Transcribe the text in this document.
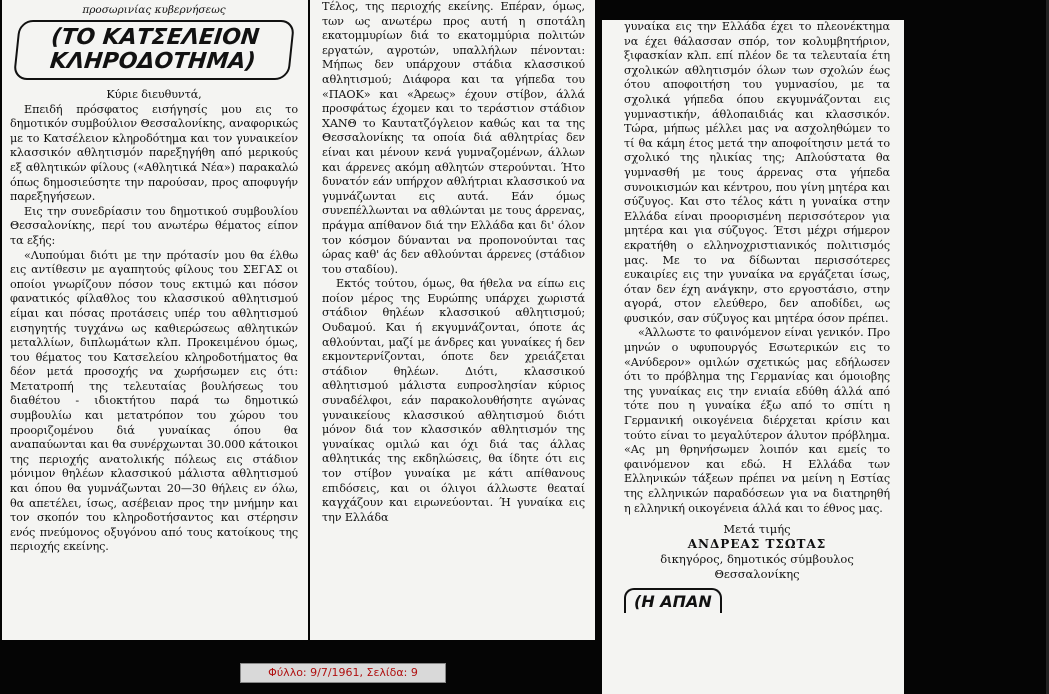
προσωρινίας κυβερνήσεως
(ΤΟ ΚΑΤΣΕΛΕΙΟΝ ΚΛΗΡΟΔΟΤΗΜΑ)

Κύριε διευθυντά,

Επειδή πρόσφατος εισήγησίς μου εις το δημοτικόν συμβούλιον Θεσσαλονίκης, αναφορικώς με το Κατσέλειον κληροδότημα και τον γυναικείον κλασσικόν αθλητισμόν παρεξηγήθη από μερικούς εξ αθλητικών φίλους («Αθλητικά Νέα») παρακαλώ όπως δημοσιεύσητε την παρούσαν, προς αποφυγήν παρεξηγήσεων.

Εις την συνεδρίασιν του δημοτικού συμβουλίου Θεσσαλονίκης, περί του ανωτέρω θέματος είπον τα εξής:

«Λυπούμαι διότι με την πρότασίν μου θα έλθω εις αντίθεσιν με αγαπητούς φίλους του ΣΕΓΑΣ οι οποίοι γνωρίζουν πόσον τους εκτιμώ και πόσον φανατικός φίλαθλος του κλασσικού αθλητισμού είμαι και πόσας προτάσεις υπέρ του αθλητισμού εισηγητής τυγχάνω ως καθιερώσεως αθλητικών μεταλλίων, διπλωμάτων κλπ. Προκειμένου όμως, του θέματος του Κατσελείου κληροδοτήματος θα δέον μετά προσοχής να χωρήσωμεν εις ότι: Μετατροπή της τελευταίας βουλήσεως του διαθέτου - ιδιοκτήτου παρά τω δημοτικώ συμβουλίω και μετατρόπον του χώρου του προοριζομένου διά γυναίκας όπου θα αναπαύωνται και θα συνέρχωνται 30.000 κάτοικοι της περιοχής ανατολικής πόλεως εις στάδιον μόνιμον θηλέων κλασσικού μάλιστα αθλητισμού και όπου θα γυμνάζωνται 20—30 θήλεις εν όλω, θα απετέλει, ίσως, ασέβειαν προς την μνήμην και τον σκοπόν του κληροδοτήσαντος και στέρησιν ενός πνεύμονος οξυγόνου από τους κατοίκους της περιοχής εκείνης.

Τέλος, της περιοχής εκείνης. Επέραν, όμως, των ως ανωτέρω προς αυτή η σποτάλη εκατομμυρίων διά το εκατομμύρια πολιτών εργατών, αγροτών, υπαλλήλων πένονται: Μήπως δεν υπάρχουν στάδια κλασσικού αθλητισμού; Διάφορα και τα γήπεδα του «ΠΑΟΚ» και «Άρεως» έχουν στίβον, άλλά προσφάτως έχομεν και το τεράστιον στάδιον ΧΑΝΘ το Καυτατζόγλειον καθώς και τα της Θεσσαλονίκης τα οποία διά αθλητρίας δεν είναι και μένουν κενά γυμναζομένων, άλλων και άρρενες ακόμη αθλητών στερούνται. Ήτο δυνατόν εάν υπήρχον αθλήτριαι κλασσικού να γυμνάζωνται εις αυτά. Εάν όμως συνεπέλλωνται να αθλώνται με τους άρρενας, πράγμα απίθανον διά την Ελλάδα και δι' όλον τον κόσμον δύνανται να προπονούνται τας ώρας καθ' άς δεν αθλούνται άρρενες (στάδιον του σταδίου).

Εκτός τούτου, όμως, θα ήθελα να είπω εις ποίον μέρος της Ευρώπης υπάρχει χωριστά στάδιον θηλέων κλασσικού αθλητισμού; Ουδαμού. Και ή εκγυμνάζονται, όποτε άς αθλούνται, μαζί με άνδρες και γυναίκες ή δεν εκμοντερνίζονται, όποτε δεν χρειάζεται στάδιον θηλέων. Διότι, κλασσικού αθλητισμού μάλιστα ευπροσλησίαν κύριος συναδέλφοι, εάν παρακολουθήσητε αγώνας γυναικείους κλασσικού αθλητισμού διότι μόνον διά τον κλασσικόν αθλητισμόν της γυναίκας ομιλώ και όχι διά τας άλλας αθλητικάς της εκδηλώσεις, θα ίδητε ότι εις τον στίβον γυναίκα με κάτι απίθανους επιδόσεις, και οι όλιγοι άλλωστε θεαταί καγχάζουν και ειρωνεύονται. Ή γυναίκα εις την Ελλάδα

γυναίκα εις την Ελλάδα έχει το πλεονέκτημα να έχει θάλασσαν σπόρ, τον κολυμβητήριον, ξιφασκίαν κλπ. επί πλέον δε τα τελευταία έτη σχολικών αθλητισμόν όλων των σχολών έως ότου αποφοιτήση του γυμνασίου, με τα σχολικά γήπεδα όπου εκγυμνάζονται εις γυμναστικήν, άθλοπαιδιάς και κλασσικόν. Τώρα, μήπως μέλλει μας να ασχοληθώμεν το τί θα κάμη έτος μετά την αποφοίτησιν μετά το σχολικό της ηλικίας της; Απλούστατα θα γυμνασθή με τους άρρενας στα γήπεδα συνοικισμών και κέντρου, που γίνη μητέρα και σύζυγος. Και στο τέλος κάτι η γυναίκα στην Ελλάδα είναι προορισμένη περισσότερον για μητέρα και για σύζυγος. Έτσι μέχρι σήμερον εκρατήθη ο ελληνοχριστιανικός πολιτισμός μας. Με το να δίδωνται περισσότερες ευκαιρίες εις την γυναίκα να εργάζεται ίσως, όταν δεν έχη ανάγκην, στο εργοστάσιο, στην αγορά, στον ελεύθερο, δεν αποδίδει, ως φυσικόν, σαν σύζυγος και μητέρα όσον πρέπει.

«Άλλωστε το φαινόμενον είναι γενικόν. Προ μηνών ο υφυπουργός Εσωτερικών εις το «Ανύδερον» ομιλών σχετικώς μας εδήλωσεν ότι το πρόβλημα της Γερμανίας και όμοιοβης της γυναίκας εις την ενιαία εδύθη άλλά από τότε που η γυναίκα έξω από το σπίτι η Γερμανική οικογένεια διέρχεται κρίσιν και τούτο είναι το μεγαλύτερον άλυτον πρόβλημα. «Ας μη θρηνήσωμεν λοιπόν και εμείς το φαινόμενον και εδώ. Η Ελλάδα των Ελληνικών τάξεων πρέπει να μείνη η Εστίας της ελληνικών παραδόσεων για να διατηρηθή η ελληνική οικογένεια άλλά και το έθνος μας.

Μετά τιμής
ΑΝΔΡΕΑΣ ΤΣΩΤΑΣ
δικηγόρος, δημοτικός σύμβουλος Θεσσαλονίκης
(Η ΑΠΑΝ
Φύλλο: 9/7/1961, Σελίδα: 9
